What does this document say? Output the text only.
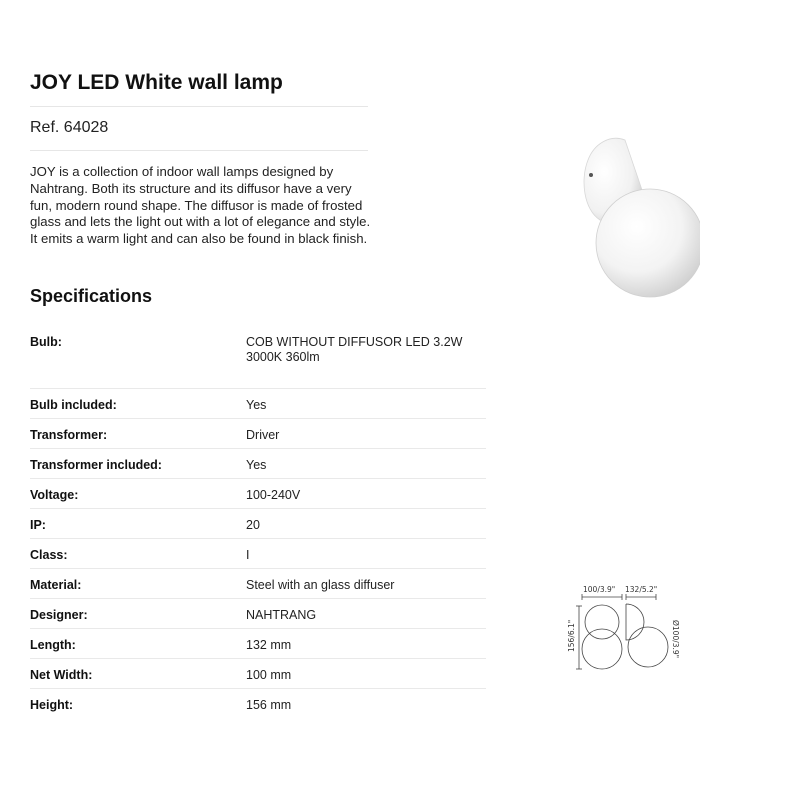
JOY LED White wall lamp
Ref. 64028

JOY is a collection of indoor wall lamps designed by Nahtrang. Both its structure and its diffusor have a very fun, modern round shape. The diffusor is made of frosted glass and lets the light out with a lot of elegance and style. It emits a warm light and can also be found in black finish.

Specifications
Bulb:	COB WITHOUT DIFFUSOR LED 3.2W 3000K 360lm
Bulb included:	Yes
Transformer:	Driver
Transformer included:	Yes
Voltage:	100-240V
IP:	20
Class:	I
Material:	Steel with an glass diffuser
Designer:	NAHTRANG
Length:	132 mm
Net Width:	100 mm
Height:	156 mm
100/3.9" 132/5.2"
156/6.1"	Ø100/3.9"
